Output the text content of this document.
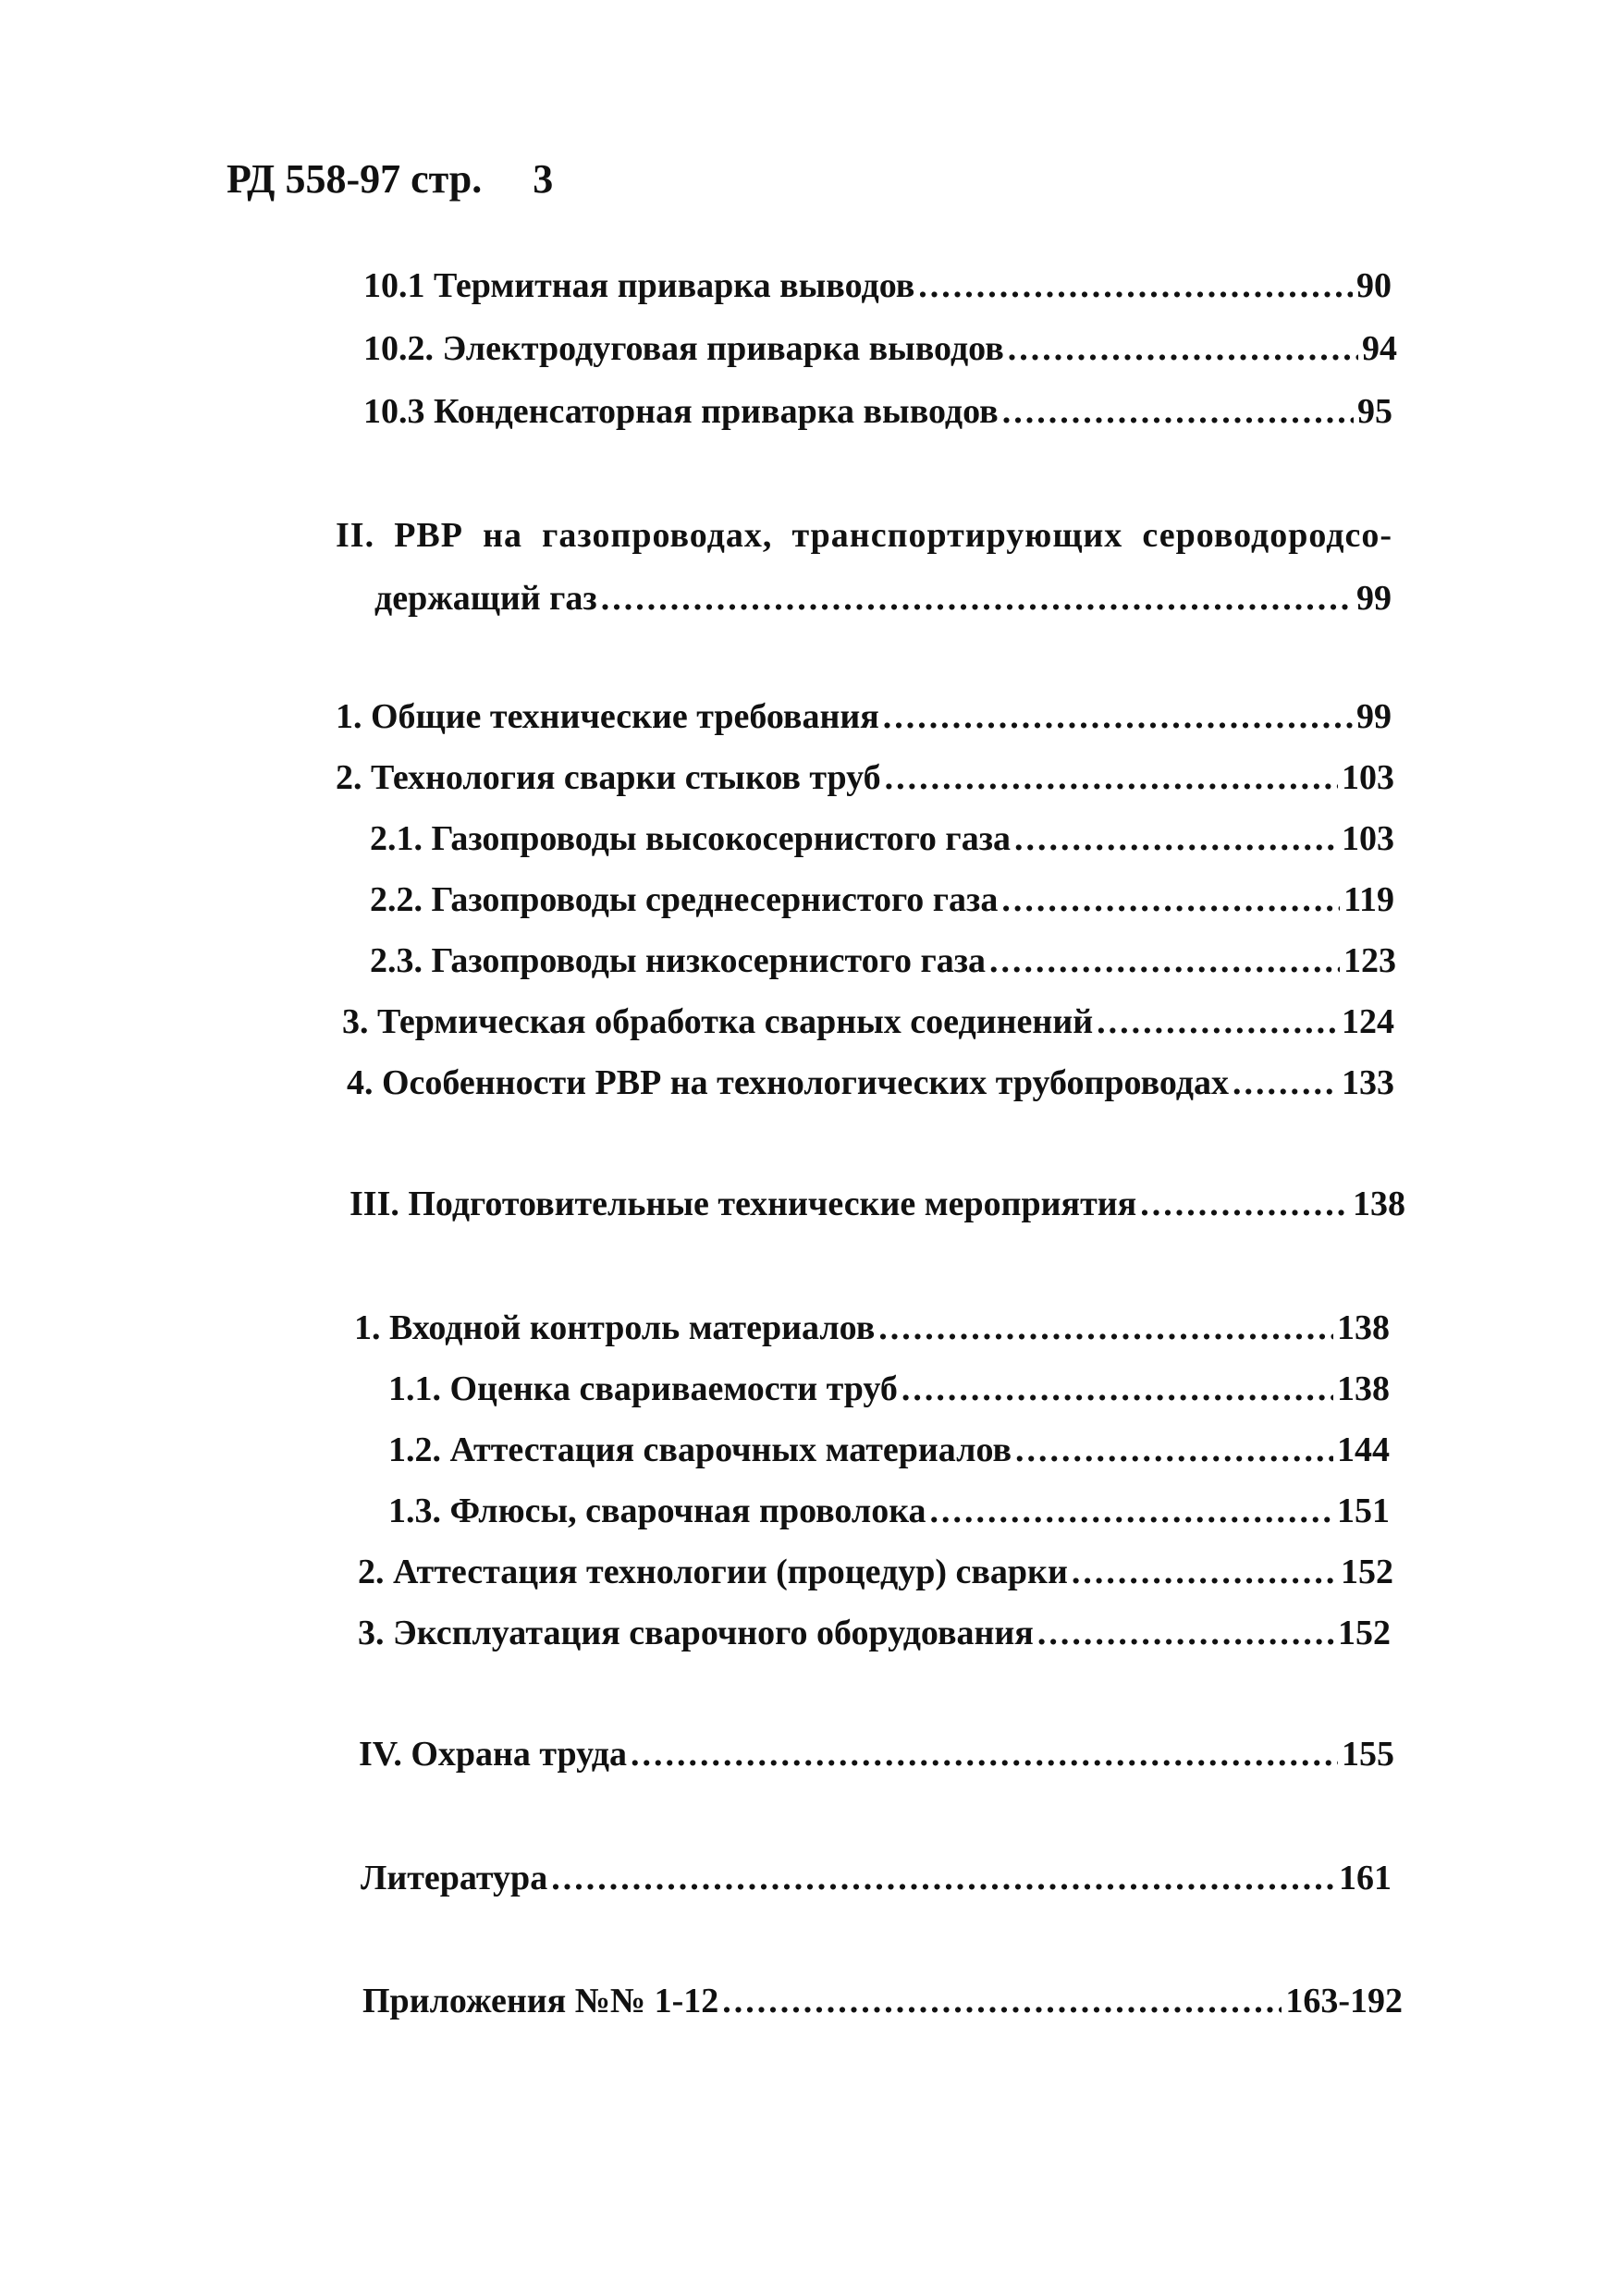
РД 558-97 стр. 3
10.1 Термитная приварка выводов .....	90
10.2. Электродуговая приварка выводов .....	94
10.3 Конденсаторная приварка выводов .....	95
II. РВР на газопроводах, транспортирующих сероводородсо-
держащий газ .....	99
1. Общие технические требования .....	99
2. Технология сварки стыков труб .....	103
2.1. Газопроводы высокосернистого газа .....	103
2.2. Газопроводы среднесернистого газа .....	119
2.3. Газопроводы низкосернистого газа .....	123
3. Термическая обработка сварных соединений .....	124
4. Особенности РВР на технологических трубопроводах .....	133
III. Подготовительные технические мероприятия .....	138
1. Входной контроль материалов .....	138
1.1. Оценка свариваемости труб .....	138
1.2. Аттестация сварочных материалов .....	144
1.3. Флюсы, сварочная проволока .....	151
2. Аттестация технологии (процедур) сварки .....	152
3. Эксплуатация сварочного оборудования .....	152
IV. Охрана труда .....	155
Литература .....	161
Приложения №№ 1-12 .....	163-192
